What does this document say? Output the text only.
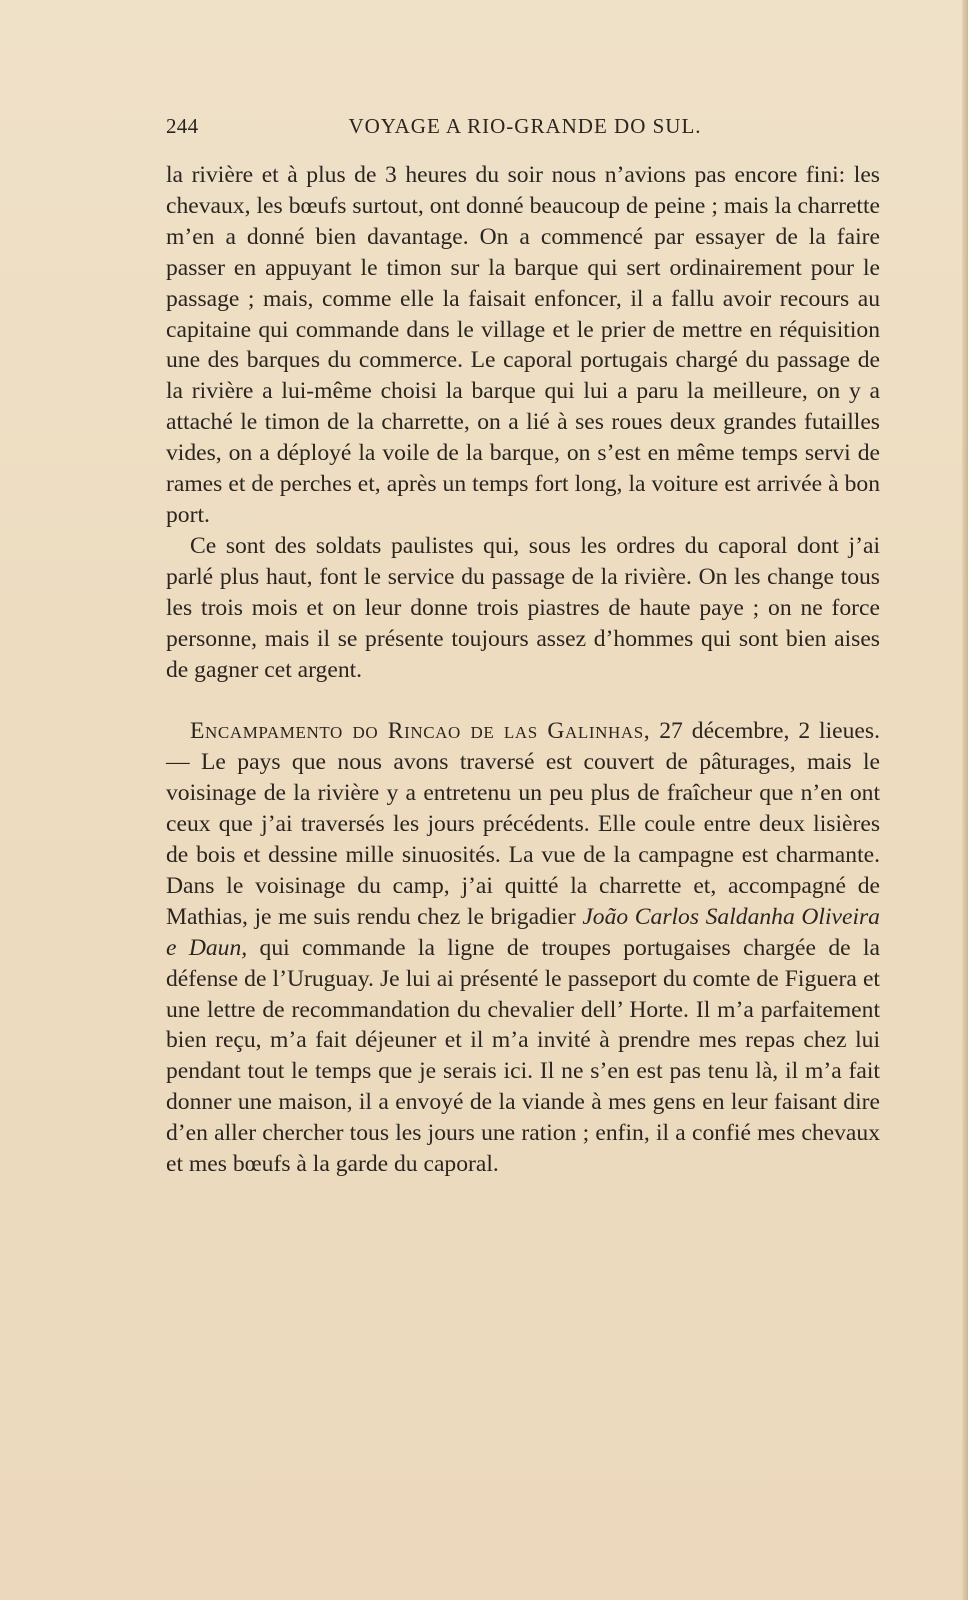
244	VOYAGE A RIO-GRANDE DO SUL.

la rivière et à plus de 3 heures du soir nous n’avions pas encore fini: les chevaux, les bœufs surtout, ont donné beaucoup de peine ; mais la charrette m’en a donné bien davantage. On a commencé par essayer de la faire passer en appuyant le timon sur la barque qui sert ordinairement pour le passage ; mais, comme elle la faisait enfoncer, il a fallu avoir recours au capitaine qui commande dans le village et le prier de mettre en réquisition une des barques du commerce. Le caporal portugais chargé du passage de la rivière a lui-même choisi la barque qui lui a paru la meilleure, on y a attaché le timon de la charrette, on a lié à ses roues deux grandes futailles vides, on a déployé la voile de la barque, on s’est en même temps servi de rames et de perches et, après un temps fort long, la voiture est arrivée à bon port.

Ce sont des soldats paulistes qui, sous les ordres du caporal dont j’ai parlé plus haut, font le service du passage de la rivière. On les change tous les trois mois et on leur donne trois piastres de haute paye ; on ne force personne, mais il se présente toujours assez d’hommes qui sont bien aises de gagner cet argent.

Encampamento do Rincao de las Galinhas, 27 décembre, 2 lieues. — Le pays que nous avons traversé est couvert de pâturages, mais le voisinage de la rivière y a entretenu un peu plus de fraîcheur que n’en ont ceux que j’ai traversés les jours précédents. Elle coule entre deux lisières de bois et dessine mille sinuosités. La vue de la campagne est charmante. Dans le voisinage du camp, j’ai quitté la charrette et, accompagné de Mathias, je me suis rendu chez le brigadier João Carlos Saldanha Oliveira e Daun, qui commande la ligne de troupes portugaises chargée de la défense de l’Uruguay. Je lui ai présenté le passeport du comte de Figuera et une lettre de recommandation du chevalier dell’ Horte. Il m’a parfaitement bien reçu, m’a fait déjeuner et il m’a invité à prendre mes repas chez lui pendant tout le temps que je serais ici. Il ne s’en est pas tenu là, il m’a fait donner une maison, il a envoyé de la viande à mes gens en leur faisant dire d’en aller chercher tous les jours une ration ; enfin, il a confié mes chevaux et mes bœufs à la garde du caporal.
